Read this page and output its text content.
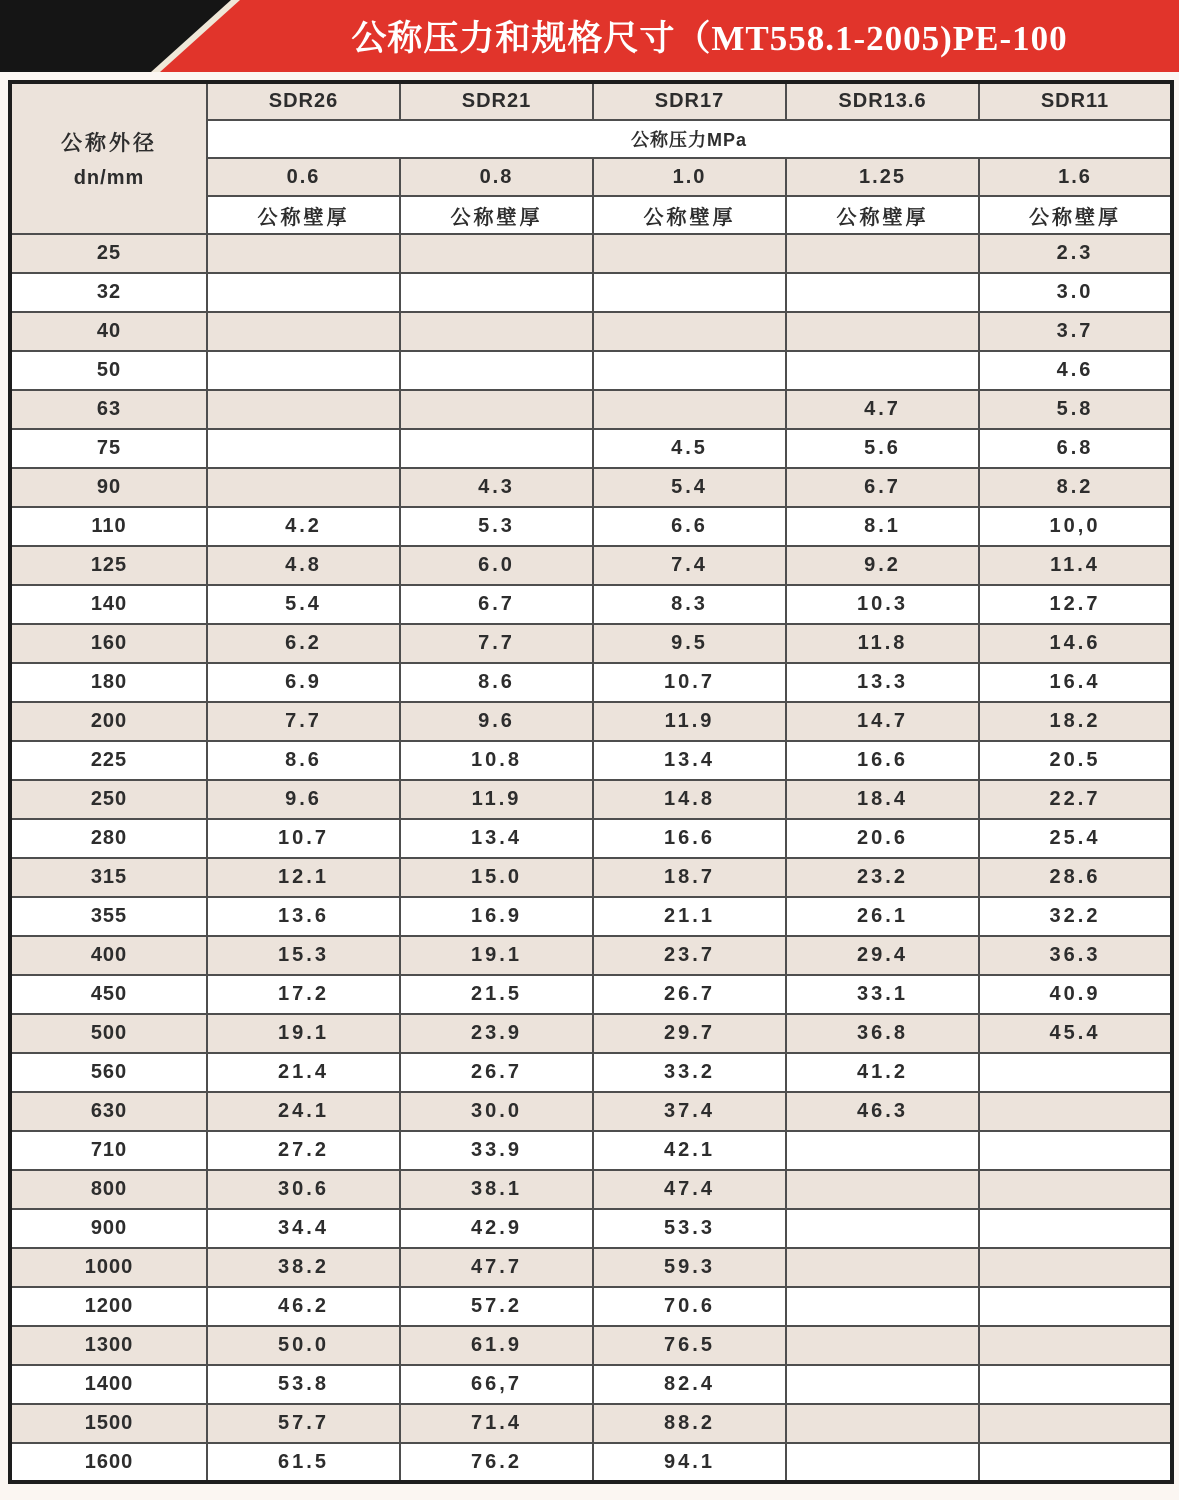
公称压力和规格尺寸（MT558.1-2005)PE-100
公称外径
dn/mm	SDR26	SDR21	SDR17	SDR13.6	SDR11
	公称压力MPa				
	0.6	0.8	1.0	1.25	1.6
	公称壁厚	公称壁厚	公称壁厚	公称壁厚	公称壁厚
25					2.3
32					3.0
40					3.7
50					4.6
63				4.7	5.8
75			4.5	5.6	6.8
90		4.3	5.4	6.7	8.2
110	4.2	5.3	6.6	8.1	10,0
125	4.8	6.0	7.4	9.2	11.4
140	5.4	6.7	8.3	10.3	12.7
160	6.2	7.7	9.5	11.8	14.6
180	6.9	8.6	10.7	13.3	16.4
200	7.7	9.6	11.9	14.7	18.2
225	8.6	10.8	13.4	16.6	20.5
250	9.6	11.9	14.8	18.4	22.7
280	10.7	13.4	16.6	20.6	25.4
315	12.1	15.0	18.7	23.2	28.6
355	13.6	16.9	21.1	26.1	32.2
400	15.3	19.1	23.7	29.4	36.3
450	17.2	21.5	26.7	33.1	40.9
500	19.1	23.9	29.7	36.8	45.4
560	21.4	26.7	33.2	41.2	
630	24.1	30.0	37.4	46.3	
710	27.2	33.9	42.1		
800	30.6	38.1	47.4		
900	34.4	42.9	53.3		
1000	38.2	47.7	59.3		
1200	46.2	57.2	70.6		
1300	50.0	61.9	76.5		
1400	53.8	66,7	82.4		
1500	57.7	71.4	88.2		
1600	61.5	76.2	94.1		
